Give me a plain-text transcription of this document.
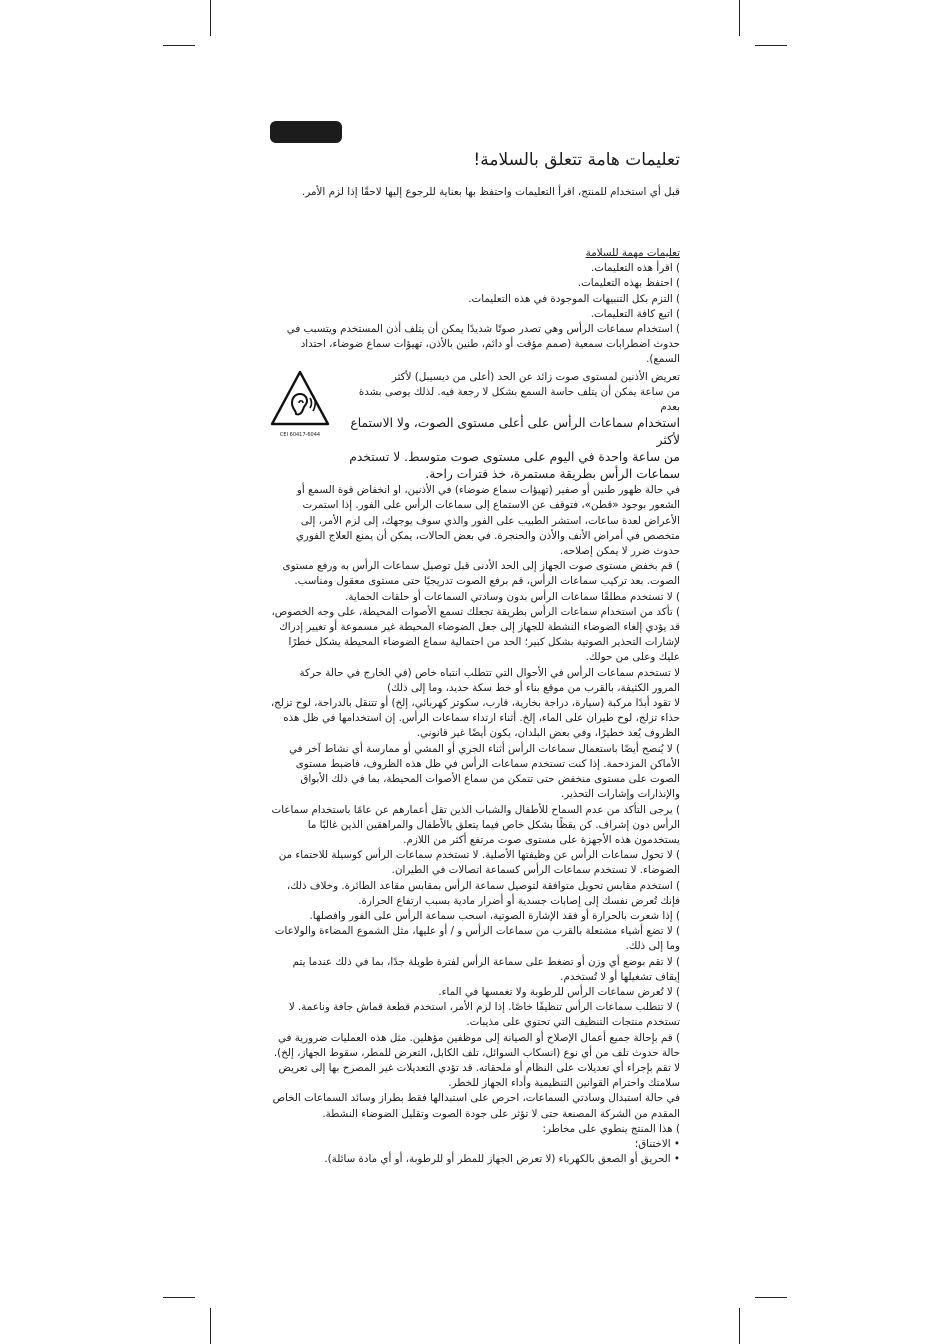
تعليمات هامة تتعلق بالسلامة!
قبل أي استخدام للمنتج، اقرأ التعليمات واحتفظ بها بعناية للرجوع إليها لاحقًا إذا لزم الأمر.

تعليمات مهمة للسلامة

) اقرأ هذه التعليمات.

) احتفظ بهذه التعليمات.

) التزم بكل التنبيهات الموجودة في هذه التعليمات.

) اتبع كافة التعليمات.

) استخدام سماعات الرأس وهي تصدر صوتًا شديدًا يمكن أن يتلف أذن المستخدم ويتسبب في حدوث اضطرابات سمعية (صمم مؤقت أو دائم، طنين بالأذن، تهيؤات سماع ضوضاء، احتداد السمع).

CEI 60417-6044

تعريض الأذنين لمستوى صوت زائد عن الحد (أعلى من ديسيبل) لأكثر

من ساعة يمكن أن يتلف حاسة السمع بشكل لا رجعة فيه. لذلك يوصى بشدة بعدم

استخدام سماعات الرأس على أعلى مستوى الصوت، ولا الاستماع لأكثر

من ساعة واحدة في اليوم على مستوى صوت متوسط. لا تستخدم

سماعات الرأس بطريقة مستمرة، خذ فترات راحة.

في حالة ظهور طنين أو صفير (تهيؤات سماع ضوضاء) في الأذنين، او انخفاض قوة السمع أو الشعور بوجود «قطن»، فتوقف عن الاستماع إلى سماعات الرأس على الفور. إذا استمرت الأعراض لعدة ساعات، استشر الطبيب على الفور والذي سوف يوجهك، إلى لزم الأمر، إلى متخصص في أمراض الأنف والأذن والحنجرة. في بعض الحالات، يمكن أن يمنع العلاج الفوري حدوث ضرر لا يمكن إصلاحه.

) قم بخفض مستوى صوت الجهاز إلى الحد الأدنى قبل توصيل سماعات الرأس به ورفع مستوى الصوت. بعد تركيب سماعات الرأس، قم برفع الصوت تدريجيًا حتى مستوى معقول ومناسب.

) لا تستخدم مطلقًا سماعات الرأس بدون وسادتي السماعات أو حلقات الحماية.

) تأكد من استخدام سماعات الرأس بطريقة تجعلك تسمع الأصوات المحيطة، على وجه الخصوص، قد يؤدي إلغاء الضوضاء النشطة للجهاز إلى جعل الضوضاء المحيطة غير مسموعة أو تغيير إدراك لإشارات التحذير الصوتية بشكل كبير؛ الحد من احتمالية سماع الضوضاء المحيطة يشكل خطرًا عليك وعلى من حولك.

لا تستخدم سماعات الرأس في الأحوال التي تتطلب انتباه خاص (في الخارج في حالة حركة المرور الكثيفة، بالقرب من موقع بناء أو خط سكة حديد، وما إلى ذلك)

لا تقود أبدًا مركبة (سيارة، دراجة بخارية، قارب، سكوتر كهربائي، إلخ) أو تتنقل بالدراجة، لوح تزلج، حذاء تزلج، لوح طيران على الماء، إلخ. أثناء ارتداء سماعات الرأس. إن استخدامها في ظل هذه الظروف يُعد خطيرًا، وفي بعض البلدان، يكون أيضًا غير قانوني.

) لا يُنصح أيضًا باستعمال سماعات الرأس أثناء الجري أو المشي أو ممارسة أي نشاط آخر في الأماكن المزدحمة. إذا كنت تستخدم سماعات الرأس في ظل هذه الظروف، فاضبط مستوى الصوت على مستوى منخفض حتى تتمكن من سماع الأصوات المحيطة، بما في ذلك الأبواق والإنذارات وإشارات التحذير.

) يرجى التأكد من عدم السماح للأطفال والشباب الذين تقل أعمارهم عن عامًا باستخدام سماعات الرأس دون إشراف. كن يقظًا بشكل خاص فيما يتعلق بالأطفال والمراهقين الذين غالبًا ما يستخدمون هذه الأجهزة على مستوى صوت مرتفع أكثر من اللازم.

) لا تحول سماعات الرأس عن وظيفتها الأصلية. لا تستخدم سماعات الرأس كوسيلة للاحتماء من الضوضاء. لا تستخدم سماعات الرأس كسماعة اتصالات في الطيران.

) استخدم مقابس تحويل متوافقة لتوصيل سماعة الرأس بمقابس مقاعد الطائرة. وخلاف ذلك، فإنك تُعرض نفسك إلى إصابات جسدية أو أضرار مادية بسبب ارتفاع الحرارة.

) إذا شعرت بالحرارة أو فقد الإشارة الصوتية، اسحب سماعة الرأس على الفور وافصلها.

) لا تضع أشياء مشتعلة بالقرب من سماعات الرأس و / أو عليها، مثل الشموع المضاءة والولاعات وما إلى ذلك.

) لا تقم بوضع أي وزن أو تضغط على سماعة الرأس لفترة طويلة جدًا، بما في ذلك عندما يتم إيقاف تشغيلها أو لا تُستخدم.

) لا تُعرض سماعات الرأس للرطوبة ولا تغمسها في الماء.

) لا تتطلب سماعات الرأس تنظيفًا خاصًا. إذا لزم الأمر، استخدم قطعة قماش جافة وناعمة. لا تستخدم منتجات التنظيف التي تحتوي على مذيبات.

) قم بإحالة جميع أعمال الإصلاح أو الصيانة إلى موظفين مؤهلين. مثل هذه العمليات ضرورية في حالة حدوث تلف من أي نوع (انسكاب السوائل، تلف الكابل، التعرض للمطر، سقوط الجهاز، إلخ).

لا تقم بإجراء أي تعديلات على النظام أو ملحقاته. قد تؤدي التعديلات غير المصرح بها إلى تعريض سلامتك واحترام القوانين التنظيمية وأداء الجهاز للخطر.

في حالة استبدال وسادتي السماعات، احرص على استبدالها فقط بطراز وسائد السماعات الخاص المقدم من الشركة المصنعة حتى لا تؤثر على جودة الصوت وتقليل الضوضاء النشطة.

) هذا المنتج ينطوي على مخاطر:

• الاختناق؛

• الحريق أو الصعق بالكهرباء (لا تعرض الجهاز للمطر أو للرطوبة، أو أي مادة سائلة).
